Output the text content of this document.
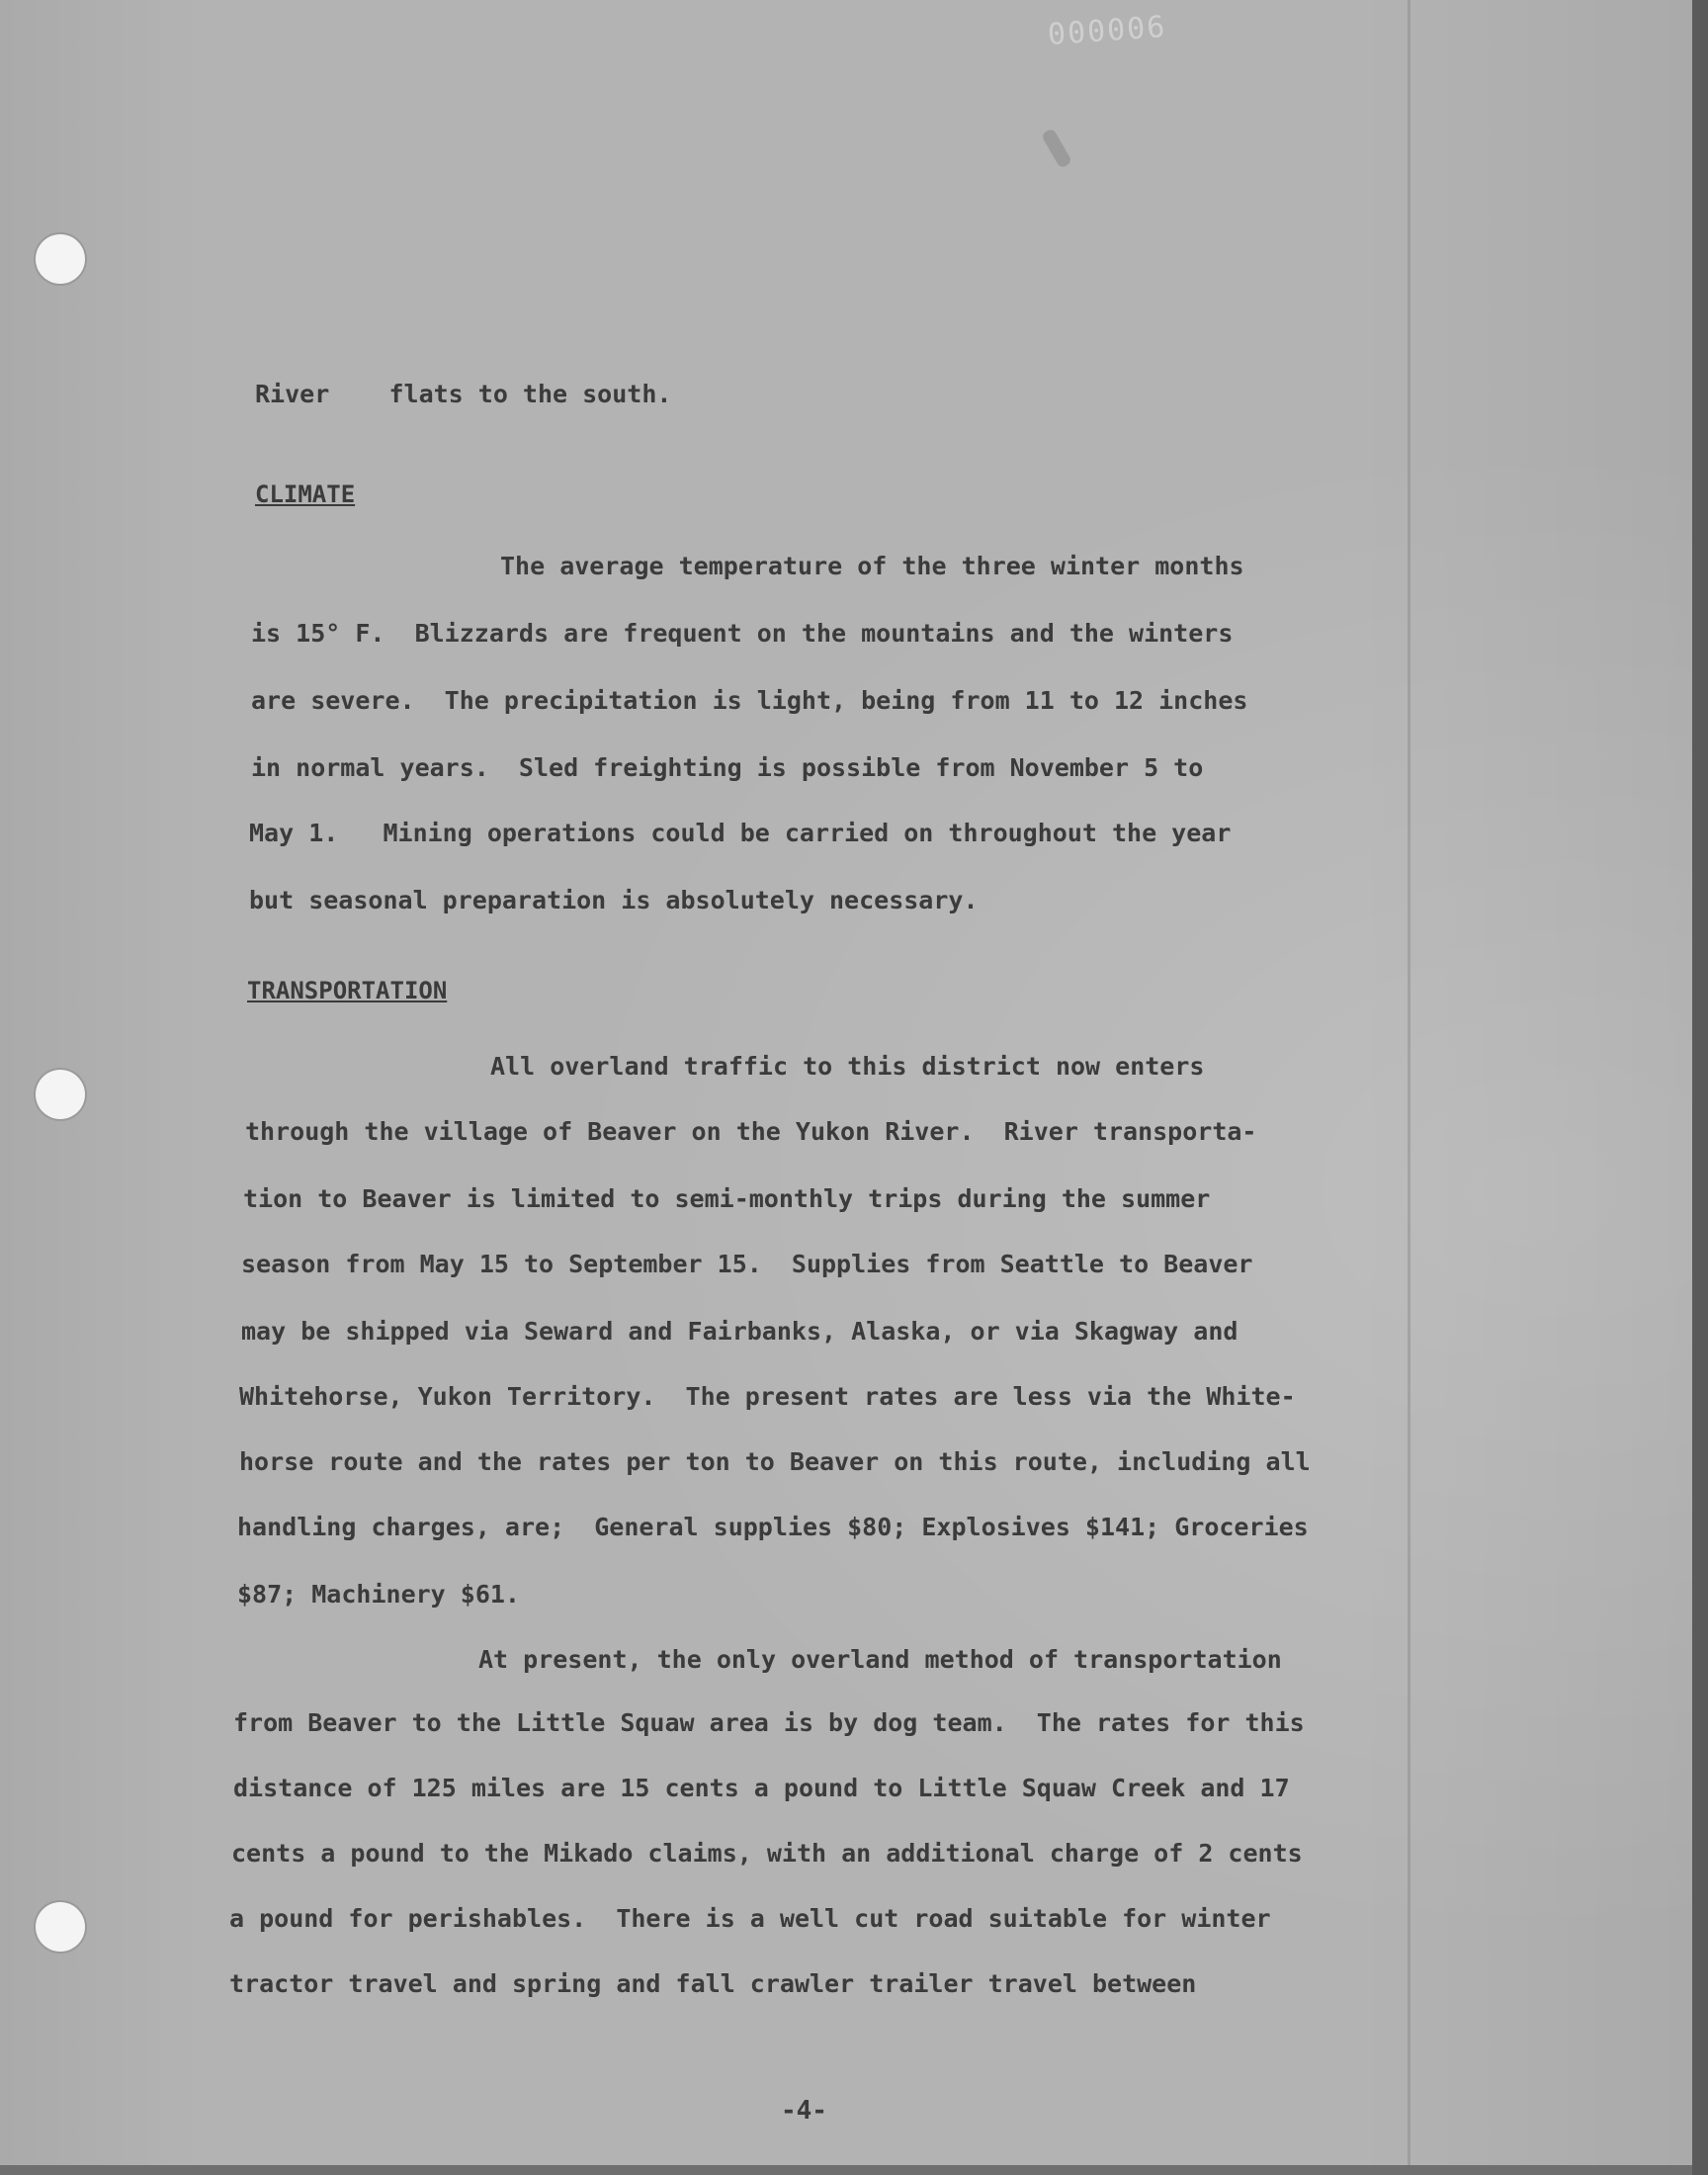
000006

River    flats to the south.

CLIMATE

The average temperature of the three winter months

is 15° F.  Blizzards are frequent on the mountains and the winters

are severe.  The precipitation is light, being from 11 to 12 inches

in normal years.  Sled freighting is possible from November 5 to

May 1.   Mining operations could be carried on throughout the year

but seasonal preparation is absolutely necessary.

TRANSPORTATION

All overland traffic to this district now enters

through the village of Beaver on the Yukon River.  River transporta-

tion to Beaver is limited to semi-monthly trips during the summer

season from May 15 to September 15.  Supplies from Seattle to Beaver

may be shipped via Seward and Fairbanks, Alaska, or via Skagway and

Whitehorse, Yukon Territory.  The present rates are less via the White-

horse route and the rates per ton to Beaver on this route, including all

handling charges, are;  General supplies $80; Explosives $141; Groceries

$87; Machinery $61.

At present, the only overland method of transportation

from Beaver to the Little Squaw area is by dog team.  The rates for this

distance of 125 miles are 15 cents a pound to Little Squaw Creek and 17

cents a pound to the Mikado claims, with an additional charge of 2 cents

a pound for perishables.  There is a well cut road suitable for winter

tractor travel and spring and fall crawler trailer travel between

-4-
